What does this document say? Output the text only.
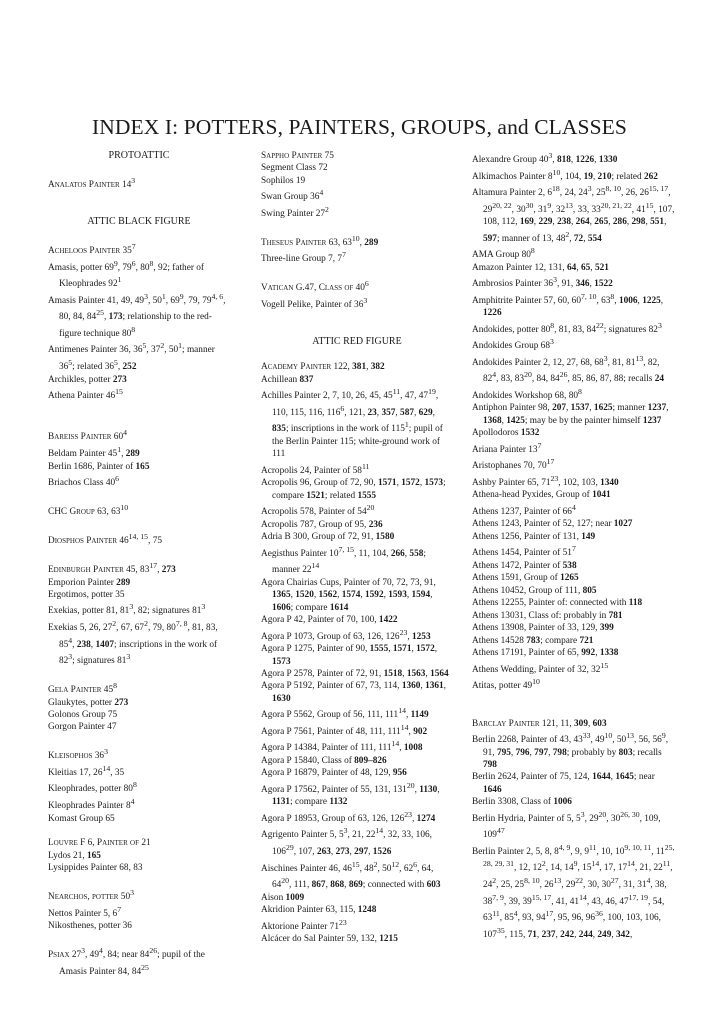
INDEX I: POTTERS, PAINTERS, GROUPS, and CLASSES
PROTOATTIC
Analatos Painter $14^3$
ATTIC BLACK FIGURE
Acheloos Painter $35^7$
Amasis, potter $69^9$, $79^6$, $80^8$, 92; father of Kleophrades $92^1$
Amasis Painter 41, 49, $49^3$, $50^1$, $69^9$, 79, 79$^{4, 6}$, 80, 84, $84^{25}$, 173; relationship to the red-figure technique $80^8$
Antimenes Painter 36, $36^5$, $37^2$, $50^1$; manner $36^5$; related $36^5$, 252
Archikles, potter 273
Athena Painter $46^{15}$
Bareiss Painter $60^4$
Beldam Painter $45^1$, 289
Berlin 1686, Painter of 165
Briachos Class $40^6$
CHC Group 63, $63^{10}$
Diosphos Painter 46$^{14, 15}$, 75
Edinburgh Painter 45, $83^{17}$, 273
Emporion Painter 289
Ergotimos, potter 35
Exekias, potter 81, $81^3$, 82; signatures $81^3$
Exekias 5, 26, $27^2$, 67, $67^2$, 79, 80$^{7, 8}$, 81, 83, $85^4$, 238, 1407; inscriptions in the work of $82^3$; signatures $81^3$
Gela Painter $45^8$
Glaukytes, potter 273
Golonos Group 75
Gorgon Painter 47
Kleisophos $36^3$
Kleitias 17, $26^{14}$, 35
Kleophrades, potter $80^8$
Kleophrades Painter $8^4$
Komast Group 65
Louvre F 6, Painter of 21
Lydos 21, 165
Lysippides Painter 68, 83
Nearchos, potter $50^3$
Nettos Painter 5, $6^7$
Nikosthenes, potter 36
Psiax $27^3$, $49^4$, 84; near $84^{26}$; pupil of the Amasis Painter 84, $84^{25}$
Sappho Painter 75
Segment Class 72
Sophilos 19
Swan Group $36^4$
Swing Painter $27^2$
Theseus Painter 63, $63^{10}$, 289
Three-line Group 7, $7^7$
Vatican G.47, Class of $40^6$
Vogell Pelike, Painter of $36^3$
ATTIC RED FIGURE
Academy Painter 122, 381, 382
Achillean 837
Achilles Painter 2, 7, 10, 26, 45, $45^{11}$, 47, $47^{19}$, 110, 115, 116, $116^6$, 121, 23, 357, 587, 629, 835; inscriptions in the work of $115^1$; pupil of the Berlin Painter 115; white-ground work of 111
Acropolis 24, Painter of $58^{11}$
Acropolis 96, Group of 72, 90, 1571, 1572, 1573; compare 1521; related 1555
Acropolis 578, Painter of $54^{20}$
Acropolis 787, Group of 95, 236
Adria B 300, Group of 72, 91, 1580
Aegisthus Painter 10$^{7, 15}$, 11, 104, 266, 558; manner $22^{14}$
Agora Chairias Cups, Painter of 70, 72, 73, 91, 1365, 1520, 1562, 1574, 1592, 1593, 1594, 1606; compare 1614
Agora P 42, Painter of 70, 100, 1422
Agora P 1073, Group of 63, 126, $126^{23}$, 1253
Agora P 1275, Painter of 90, 1555, 1571, 1572, 1573
Agora P 2578, Painter of 72, 91, 1518, 1563, 1564
Agora P 5192, Painter of 67, 73, 114, 1360, 1361, 1630
Agora P 5562, Group of 56, 111, $111^{14}$, 1149
Agora P 7561, Painter of 48, 111, $111^{14}$, 902
Agora P 14384, Painter of 111, $111^{14}$, 1008
Agora P 15840, Class of 809–826
Agora P 16879, Painter of 48, 129, 956
Agora P 17562, Painter of 55, 131, $131^{20}$, 1130, 1131; compare 1132
Agora P 18953, Group of 63, 126, $126^{23}$, 1274
Agrigento Painter 5, $5^3$, 21, $22^{14}$, 32, 33, 106, $106^{29}$, 107, 263, 273, 297, 1526
Aischines Painter 46, $46^{15}$, $48^2$, $50^{12}$, $62^6$, 64, $64^{20}$, 111, 867, 868, 869; connected with 603
Aison 1009
Akridion Painter 63, 115, 1248
Aktorione Painter $71^{23}$
Alcácer do Sal Painter 59, 132, 1215
Alexandre Group $40^3$, 818, 1226, 1330
Alkimachos Painter $8^{10}$, 104, 19, 210; related 262
Altamura Painter 2, $6^{18}$, 24, $24^3$, 25$^{8, 10}$, 26, 26$^{15, 17}$, 29$^{20, 22}$, $30^{30}$, $31^9$, $32^{13}$, 33, 33$^{20, 21, 22}$, $41^{15}$, 107, 108, 112, 169, 229, 238, 264, 265, 286, 298, 551, 597; manner of 13, $48^2$, 72, 554
AMA Group $80^8$
Amazon Painter 12, 131, 64, 65, 521
Ambrosios Painter $36^3$, 91, 346, 1522
Amphitrite Painter 57, 60, 60$^{7, 10}$, $63^8$, 1006, 1225, 1226
Andokides, potter $80^8$, 81, 83, $84^{22}$; signatures $82^3$
Andokides Group $68^3$
Andokides Painter 2, 12, 27, 68, $68^3$, 81, $81^{13}$, 82, $82^4$, 83, $83^{20}$, 84, $84^{26}$, 85, 86, 87, 88; recalls 24
Andokides Workshop 68, $80^8$
Antiphon Painter 98, 207, 1537, 1625; manner 1237, 1368, 1425; may be by the painter himself 1237
Apollodoros 1532
Ariana Painter $13^7$
Aristophanes 70, $70^{17}$
Ashby Painter 65, $71^{23}$, 102, 103, 1340
Athena-head Pyxides, Group of 1041
Athens 1237, Painter of $66^4$
Athens 1243, Painter of 52, 127; near 1027
Athens 1256, Painter of 131, 149
Athens 1454, Painter of $51^7$
Athens 1472, Painter of 538
Athens 1591, Group of 1265
Athens 10452, Group of 111, 805
Athens 12255, Painter of: connected with 118
Athens 13031, Class of: probably in 781
Athens 13908, Painter of 33, 129, 399
Athens 14528 783; compare 721
Athens 17191, Painter of 65, 992, 1338
Athens Wedding, Painter of 32, $32^{15}$
Atitas, potter $49^{10}$
Barclay Painter 121, 11, 309, 603
Berlin 2268, Painter of 43, $43^{33}$, $49^{10}$, $50^{13}$, 56, $56^9$, 91, 795, 796, 797, 798; probably by 803; recalls 798
Berlin 2624, Painter of 75, 124, 1644, 1645; near 1646
Berlin 3308, Class of 1006
Berlin Hydria, Painter of 5, $5^3$, $29^{20}$, 30$^{26, 30}$, 109, $109^{47}$
Berlin Painter 2, 5, 8, 8$^{4, 9}$, 9, $9^{11}$, 10, 10$^{9, 10, 11}$, 11$^{25, 28, 29, 31}$, 12, $12^2$, 14, $14^9$, $15^{14}$, 17, $17^{14}$, 21, $22^{11}$, $24^2$, 25, 25$^{8, 10}$, $26^{13}$, $29^{22}$, 30, $30^{27}$, 31, $31^4$, 38, 38$^{7, 9}$, 39, 39$^{15, 17}$, 41, $41^{14}$, 43, 46, 47$^{17, 19}$, 54, $63^{11}$, $85^4$, 93, $94^{17}$, 95, 96, $96^{36}$, 100, 103, 106, $107^{35}$, 115, 71, 237, 242, 244, 249, 342,
